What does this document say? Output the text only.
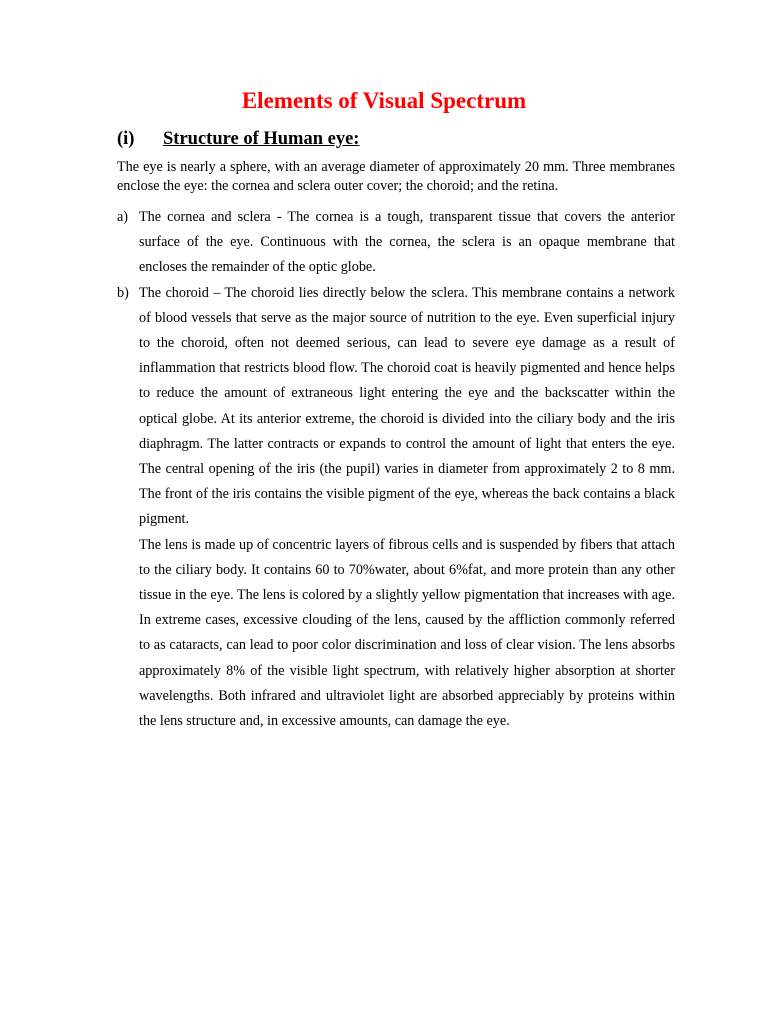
Elements of Visual Spectrum
(i) Structure of Human eye:

The eye is nearly a sphere, with an average diameter of approximately 20 mm. Three membranes enclose the eye: the cornea and sclera outer cover; the choroid; and the retina.

a) The cornea and sclera - The cornea is a tough, transparent tissue that covers the anterior surface of the eye. Continuous with the cornea, the sclera is an opaque membrane that encloses the remainder of the optic globe.

b) The choroid – The choroid lies directly below the sclera. This membrane contains a network of blood vessels that serve as the major source of nutrition to the eye. Even superficial injury to the choroid, often not deemed serious, can lead to severe eye damage as a result of inflammation that restricts blood flow. The choroid coat is heavily pigmented and hence helps to reduce the amount of extraneous light entering the eye and the backscatter within the optical globe. At its anterior extreme, the choroid is divided into the ciliary body and the iris diaphragm. The latter contracts or expands to control the amount of light that enters the eye. The central opening of the iris (the pupil) varies in diameter from approximately 2 to 8 mm. The front of the iris contains the visible pigment of the eye, whereas the back contains a black pigment.

The lens is made up of concentric layers of fibrous cells and is suspended by fibers that attach to the ciliary body. It contains 60 to 70%water, about 6%fat, and more protein than any other tissue in the eye. The lens is colored by a slightly yellow pigmentation that increases with age. In extreme cases, excessive clouding of the lens, caused by the affliction commonly referred to as cataracts, can lead to poor color discrimination and loss of clear vision. The lens absorbs approximately 8% of the visible light spectrum, with relatively higher absorption at shorter wavelengths. Both infrared and ultraviolet light are absorbed appreciably by proteins within the lens structure and, in excessive amounts, can damage the eye.
